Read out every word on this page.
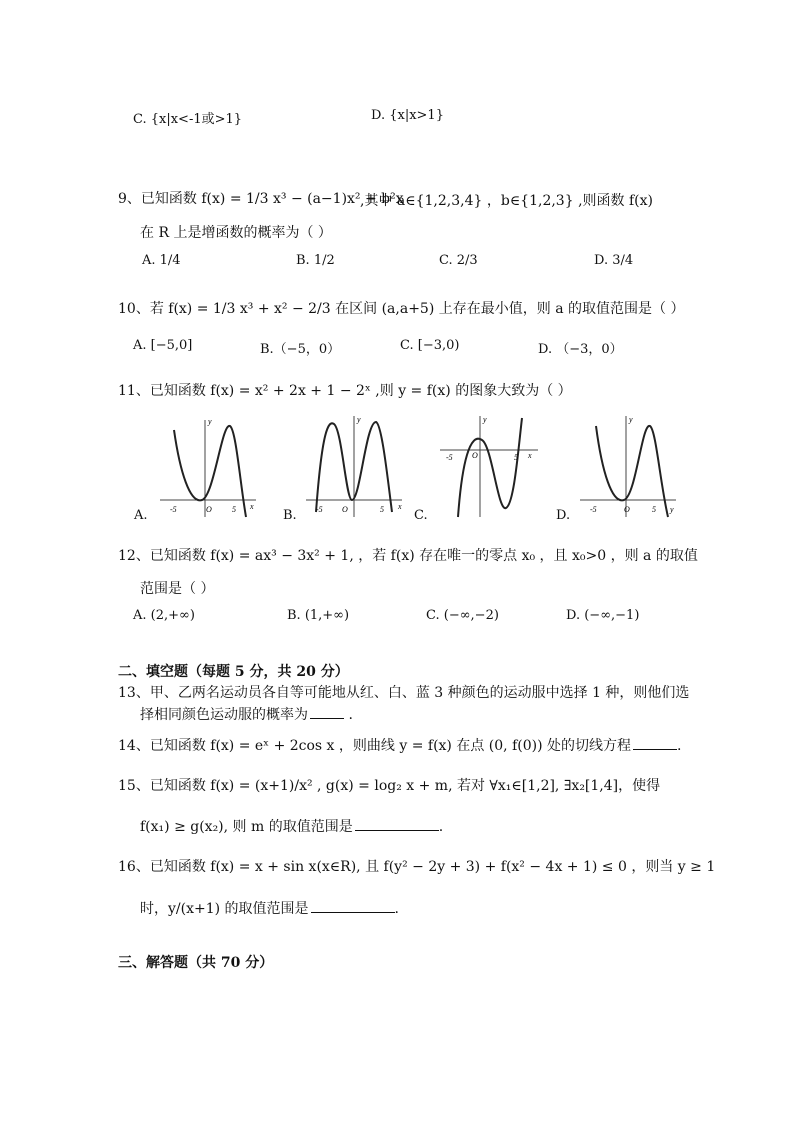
C. {x|x<-1或>1}	D. {x|x>1}
9、已知函数 f(x) = 1/3 x³ − (a−1)x² + b²x
,其中 a∈{1,2,3,4} ，b∈{1,2,3} ,则函数 f(x)
在 R 上是增函数的概率为（ ）
A. 1/4	B. 1/2	C. 2/3	D. 3/4
10、若 f(x) = 1/3 x³ + x² − 2/3 在区间 (a,a+5) 上存在最小值，则 a 的取值范围是（ ）
A. [−5,0]	B.（−5，0）	C. [−3,0)	D. （−3，0）
11、已知函数 f(x) = x² + 2x + 1 − 2ˣ ,则 y = f(x) 的图象大致为（ ）
y
-5	O	5 x
A.
y
-5 O	5 x
B.
y
-5 O	5 x
C.
y
-5	O	5 y
D.
12、已知函数 f(x) = ax³ − 3x² + 1, ，若 f(x) 存在唯一的零点 x₀ ，且 x₀>0 ，则 a 的取值
范围是（ ）
A. (2,+∞)	B. (1,+∞)	C. (−∞,−2)	D. (−∞,−1)
二、填空题（每题 5 分，共 20 分）
13、甲、乙两名运动员各自等可能地从红、白、蓝 3 种颜色的运动服中选择 1 种，则他们选
择相同颜色运动服的概率为	.
14、已知函数 f(x) = eˣ + 2cos x ，则曲线 y = f(x) 在点 (0, f(0)) 处的切线方程	.
15、已知函数 f(x) = (x+1)/x² , g(x) = log₂ x + m, 若对 ∀x₁∈[1,2], ∃x₂[1,4]，使得
f(x₁) ≥ g(x₂), 则 m 的取值范围是	.
16、已知函数 f(x) = x + sin x(x∈R), 且 f(y² − 2y + 3) + f(x² − 4x + 1) ≤ 0 ，则当 y ≥ 1
时，y/(x+1) 的取值范围是	.
三、解答题（共 70 分）
